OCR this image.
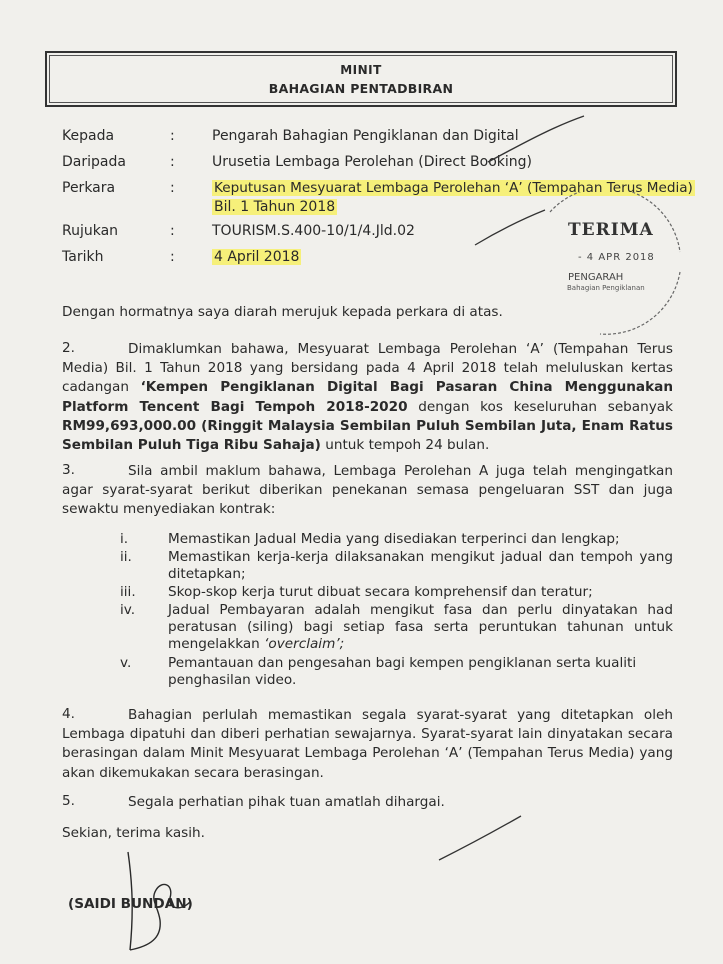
MINIT
BAHAGIAN PENTADBIRAN
Kepada	:	Pengarah Bahagian Pengiklanan dan Digital
Daripada	:	Urusetia Lembaga Perolehan (Direct Booking)
Perkara	:	Keputusan Mesyuarat Lembaga Perolehan ‘A’ (Tempahan Terus Media)
Bil. 1 Tahun 2018
Rujukan	:	TOURISM.S.400-10/1/4.Jld.02
Tarikh	:	4 April 2018
TERIMA
- 4 APR 2018
PENGARAH
Bahagian Pengiklanan
Dengan hormatnya saya diarah merujuk kepada perkara di atas.
2.	Dimaklumkan bahawa, Mesyuarat Lembaga Perolehan ‘A’ (Tempahan Terus Media) Bil. 1 Tahun 2018 yang bersidang pada 4 April 2018 telah meluluskan kertas cadangan ‘Kempen Pengiklanan Digital Bagi Pasaran China Menggunakan Platform Tencent Bagi Tempoh 2018-2020 dengan kos keseluruhan sebanyak RM99,693,000.00 (Ringgit Malaysia Sembilan Puluh Sembilan Juta, Enam Ratus Sembilan Puluh Tiga Ribu Sahaja) untuk tempoh 24 bulan.
3.	Sila ambil maklum bahawa, Lembaga Perolehan A juga telah mengingatkan agar syarat-syarat berikut diberikan penekanan semasa pengeluaran SST dan juga sewaktu menyediakan kontrak:
i.	Memastikan Jadual Media yang disediakan terperinci dan lengkap;
ii.	Memastikan kerja-kerja dilaksanakan mengikut jadual dan tempoh yang ditetapkan;
iii. Skop-skop kerja turut dibuat secara komprehensif dan teratur;
iv. Jadual Pembayaran adalah mengikut fasa dan perlu dinyatakan had peratusan (siling) bagi setiap fasa serta peruntukan tahunan untuk mengelakkan ‘overclaim’;
v.	Pemantauan dan pengesahan bagi kempen pengiklanan serta kualiti penghasilan video.
4.	Bahagian perlulah memastikan segala syarat-syarat yang ditetapkan oleh Lembaga dipatuhi dan diberi perhatian sewajarnya. Syarat-syarat lain dinyatakan secara berasingan dalam Minit Mesyuarat Lembaga Perolehan ‘A’ (Tempahan Terus Media) yang akan dikemukakan secara berasingan.
5.	Segala perhatian pihak tuan amatlah dihargai.
Sekian, terima kasih.
(SAIDI BUNDAN)
